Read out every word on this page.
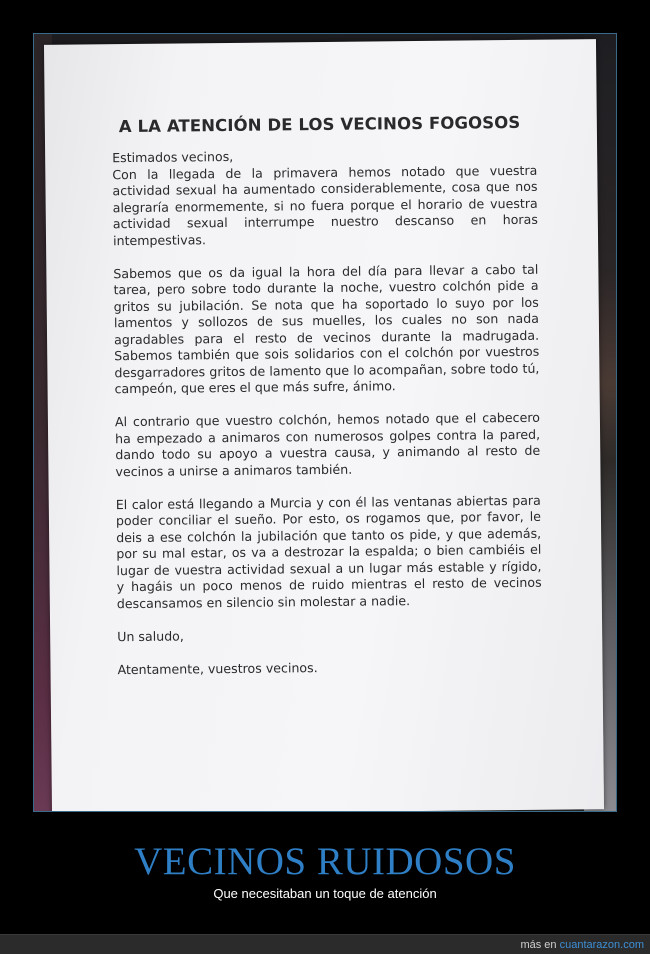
A LA ATENCIÓN DE LOS VECINOS FOGOSOS
Estimados vecinos,

Con la llegada de la primavera hemos notado que vuestra actividad sexual ha aumentado considerablemente, cosa que nos alegraría enormemente, si no fuera porque el horario de vuestra actividad sexual interrumpe nuestro descanso en horas intempestivas.

Sabemos que os da igual la hora del día para llevar a cabo tal tarea, pero sobre todo durante la noche, vuestro colchón pide a gritos su jubilación. Se nota que ha soportado lo suyo por los lamentos y sollozos de sus muelles, los cuales no son nada agradables para el resto de vecinos durante la madrugada. Sabemos también que sois solidarios con el colchón por vuestros desgarradores gritos de lamento que lo acompañan, sobre todo tú, campeón, que eres el que más sufre, ánimo.

Al contrario que vuestro colchón, hemos notado que el cabecero ha empezado a animaros con numerosos golpes contra la pared, dando todo su apoyo a vuestra causa, y animando al resto de vecinos a unirse a animaros también.

El calor está llegando a Murcia y con él las ventanas abiertas para poder conciliar el sueño. Por esto, os rogamos que, por favor, le deis a ese colchón la jubilación que tanto os pide, y que además, por su mal estar, os va a destrozar la espalda; o bien cambiéis el lugar de vuestra actividad sexual a un lugar más estable y rígido, y hagáis un poco menos de ruido mientras el resto de vecinos descansamos en silencio sin molestar a nadie.

Un saludo,
Atentamente, vuestros vecinos.
VECINOS RUIDOSOS
Que necesitaban un toque de atención
más en cuantarazon.com
